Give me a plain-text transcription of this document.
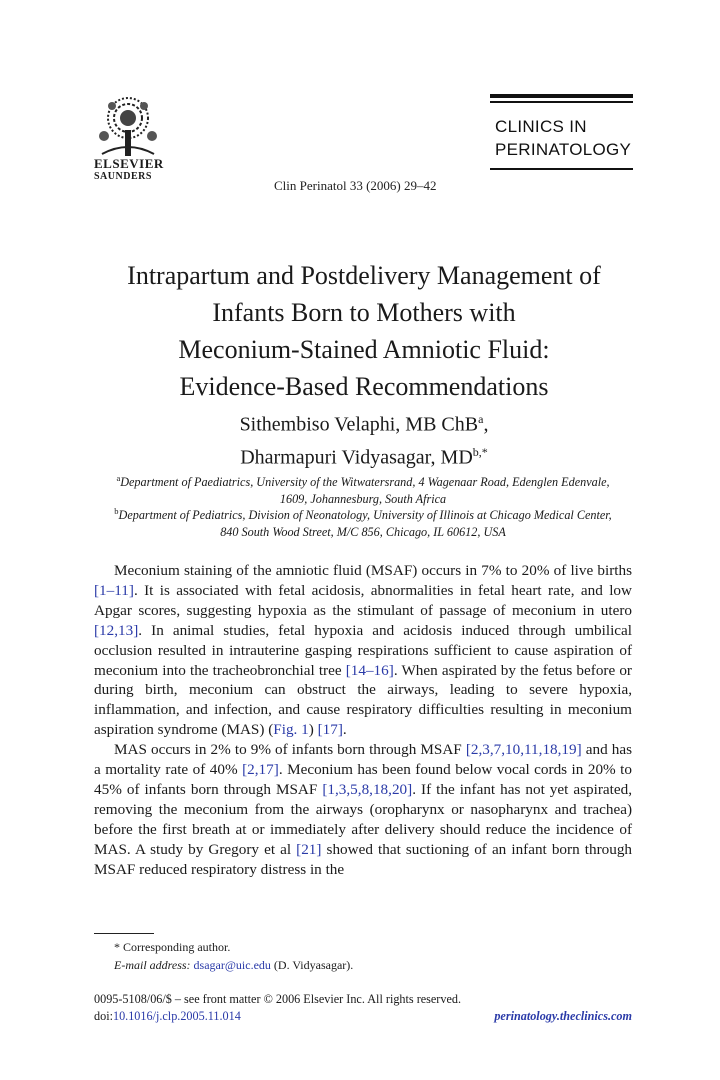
ELSEVIER
SAUNDERS
CLINICS IN
PERINATOLOGY
Clin Perinatol 33 (2006) 29–42
Intrapartum and Postdelivery Management of
Infants Born to Mothers with
Meconium-Stained Amniotic Fluid:
Evidence-Based Recommendations
Sithembiso Velaphi, MB ChB$^a$,
Dharmapuri Vidyasagar, $MD^{b,*}$
$^a$Department of Paediatrics, University of the Witwatersrand, 4 Wagenaar Road, Edenglen Edenvale,
1609, Johannesburg, South Africa
$^b$Department of Pediatrics, Division of Neonatology, University of Illinois at Chicago Medical Center,
840 South Wood Street, M/C 856, Chicago, IL 60612, USA

Meconium staining of the amniotic fluid (MSAF) occurs in 7% to 20% of live births [1–11]. It is associated with fetal acidosis, abnormalities in fetal heart rate, and low Apgar scores, suggesting hypoxia as the stimulant of passage of meconium in utero [12,13]. In animal studies, fetal hypoxia and acidosis induced through umbilical occlusion resulted in intrauterine gasping respirations sufficient to cause aspiration of meconium into the tracheobronchial tree [14–16]. When aspirated by the fetus before or during birth, meconium can obstruct the airways, leading to severe hypoxia, inflammation, and infection, and cause respiratory difficulties resulting in meconium aspiration syndrome (MAS) (Fig. 1) [17].

MAS occurs in 2% to 9% of infants born through MSAF [2,3,7,10,11,18,19] and has a mortality rate of 40% [2,17]. Meconium has been found below vocal cords in 20% to 45% of infants born through MSAF [1,3,5,8,18,20]. If the infant has not yet aspirated, removing the meconium from the airways (oropharynx or nasopharynx and trachea) before the first breath at or immediately after delivery should reduce the incidence of MAS. A study by Gregory et al [21] showed that suctioning of an infant born through MSAF reduced respiratory distress in the

* Corresponding author.
E-mail address: dsagar@uic.edu (D. Vidyasagar).
0095-5108/06/$ – see front matter © 2006 Elsevier Inc. All rights reserved.
doi:10.1016/j.clp.2005.11.014	perinatology.theclinics.com
